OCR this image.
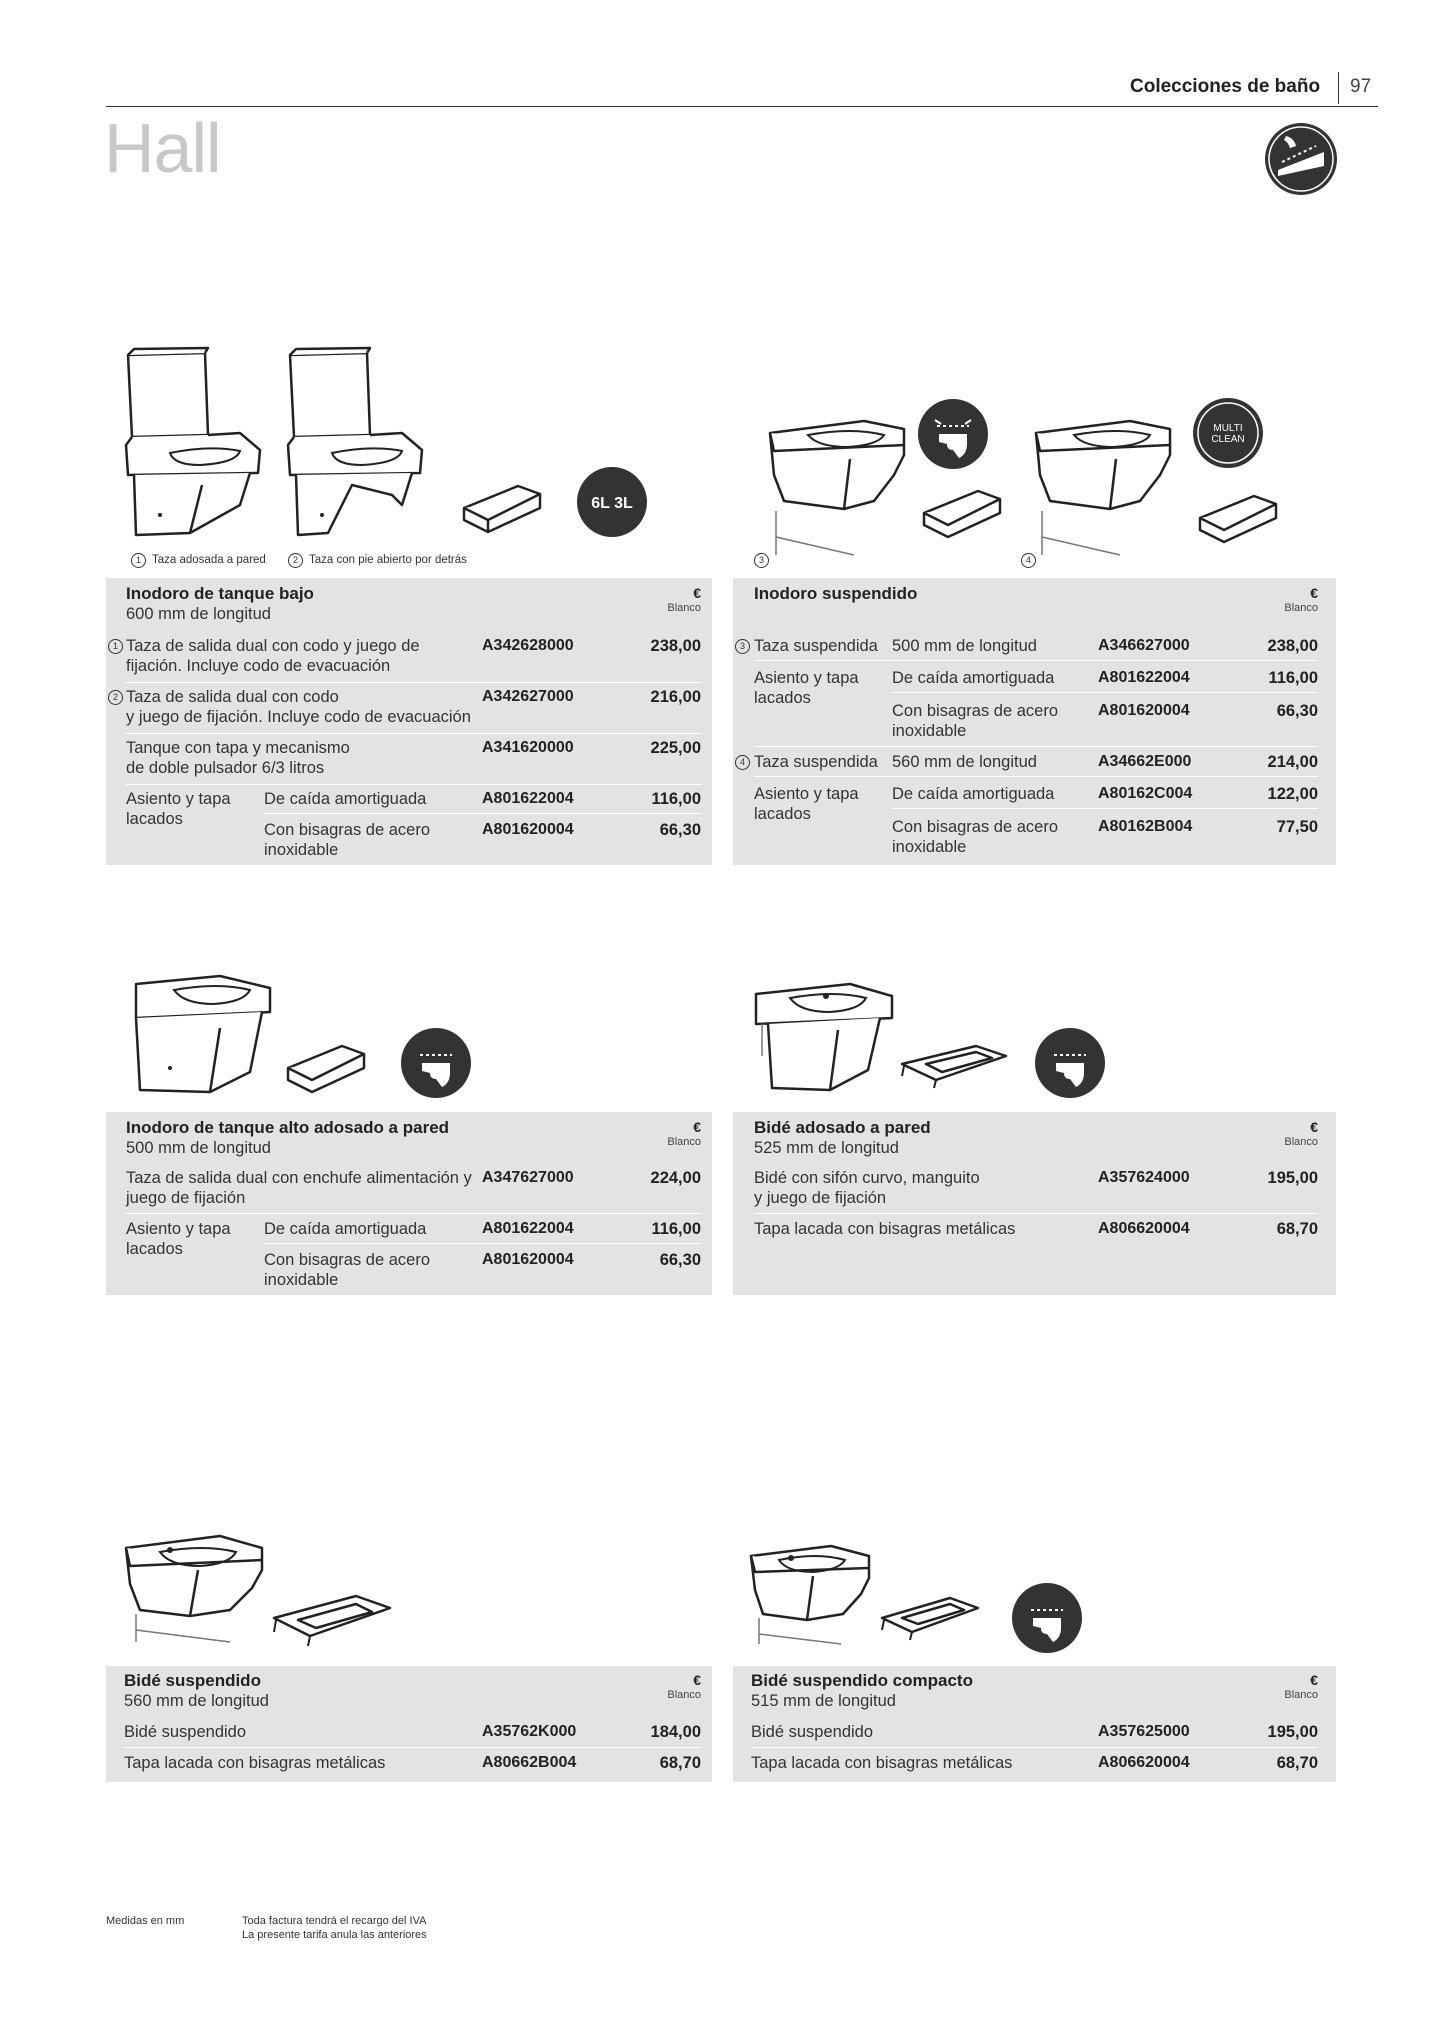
Colecciones de baño 97
Hall
6L 3L
MULTI
CLEAN
1 Taza adosada a pared	2 Taza con pie abierto por detrás	3	4
Inodoro de tanque bajo
600 mm de longitud
€
Blanco
1 Taza de salida dual con codo y juego de
fijación. Incluye codo de evacuación
A342628000	238,00
2 Taza de salida dual con codo
y juego de fijación. Incluye codo de evacuación
A342627000	216,00
Tanque con tapa y mecanismo
de doble pulsador 6/3 litros
A341620000	225,00
Asiento y tapa
lacados
De caída amortiguada	A801622004	116,00
Con bisagras de acero
inoxidable
A801620004	66,30
Inodoro suspendido	€
Blanco
3 Taza suspendida 500 mm de longitud	A346627000	238,00
Asiento y tapa
lacados
De caída amortiguada	A801622004	116,00
Con bisagras de acero
inoxidable
A801620004	66,30
4 Taza suspendida 560 mm de longitud	A34662E000	214,00
Asiento y tapa
lacados
De caída amortiguada	A80162C004	122,00
Con bisagras de acero
inoxidable
A80162B004	77,50
Inodoro de tanque alto adosado a pared
500 mm de longitud
€
Blanco
Taza de salida dual con enchufe alimentación y
juego de fijación
A347627000	224,00
Asiento y tapa
lacados
De caída amortiguada	A801622004	116,00
Con bisagras de acero
inoxidable
A801620004	66,30
Bidé adosado a pared
525 mm de longitud
€
Blanco
Bidé con sifón curvo, manguito
y juego de fijación
A357624000	195,00
Tapa lacada con bisagras metálicas	A806620004	68,70
Bidé suspendido
560 mm de longitud
€
Blanco
Bidé suspendido	A35762K000	184,00
Tapa lacada con bisagras metálicas	A80662B004	68,70
Bidé suspendido compacto
515 mm de longitud
€
Blanco
Bidé suspendido	A357625000	195,00
Tapa lacada con bisagras metálicas	A806620004	68,70
Medidas en mm	Toda factura tendrá el recargo del IVA
La presente tarifa anula las anteriores
